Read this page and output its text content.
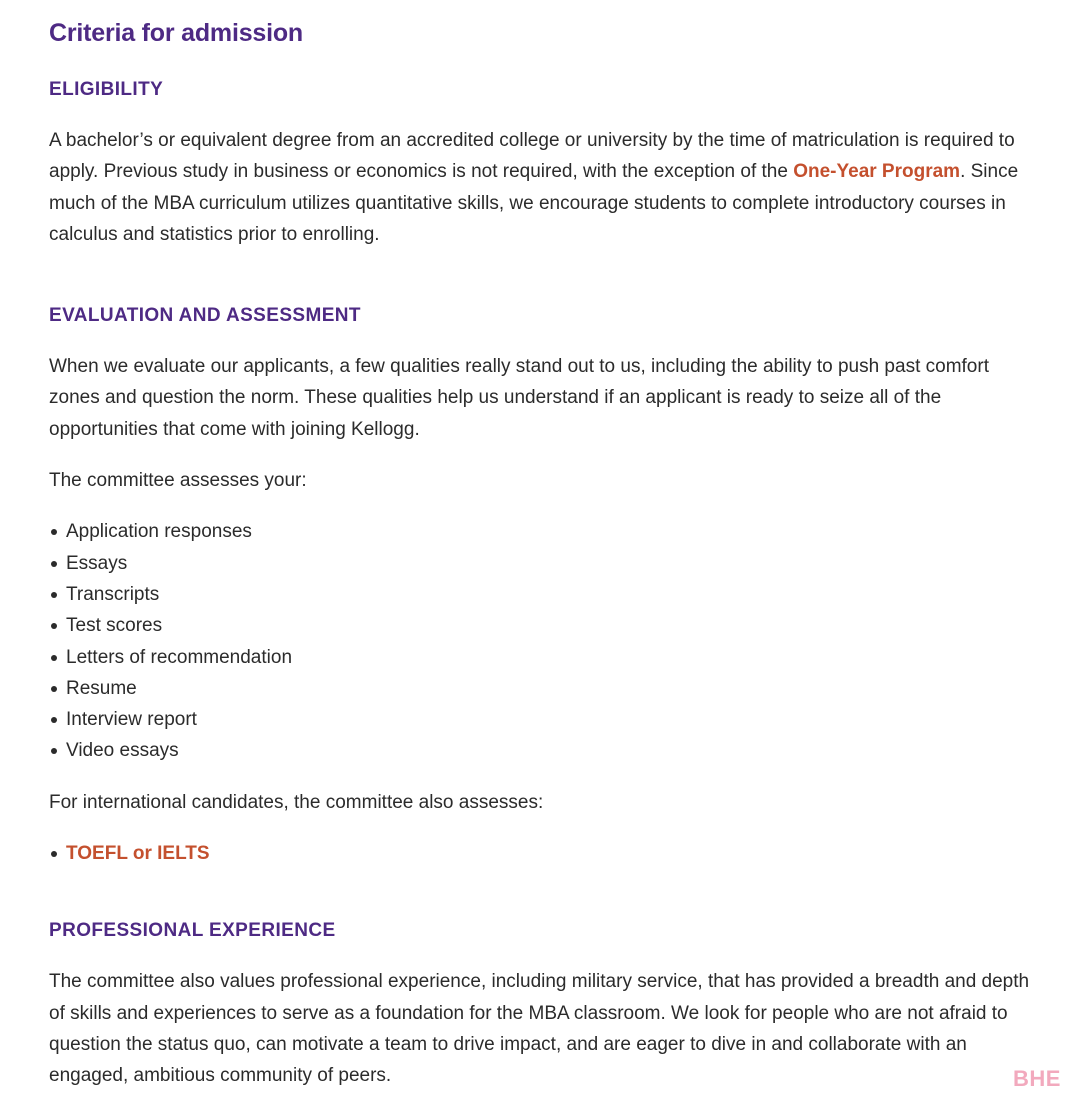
Criteria for admission
ELIGIBILITY

A bachelor’s or equivalent degree from an accredited college or university by the time of matriculation is required to apply. Previous study in business or economics is not required, with the exception of the One-Year Program. Since much of the MBA curriculum utilizes quantitative skills, we encourage students to complete introductory courses in calculus and statistics prior to enrolling.

EVALUATION AND ASSESSMENT

When we evaluate our applicants, a few qualities really stand out to us, including the ability to push past comfort zones and question the norm. These qualities help us understand if an applicant is ready to seize all of the opportunities that come with joining Kellogg.

The committee assesses your:

Application responses
Essays
Transcripts
Test scores
Letters of recommendation
Resume
Interview report
Video essays

For international candidates, the committee also assesses:

TOEFL or IELTS
PROFESSIONAL EXPERIENCE

The committee also values professional experience, including military service, that has provided a breadth and depth of skills and experiences to serve as a foundation for the MBA classroom. We look for people who are not afraid to question the status quo, can motivate a team to drive impact, and are eager to dive in and collaborate with an engaged, ambitious community of peers.	BHE
